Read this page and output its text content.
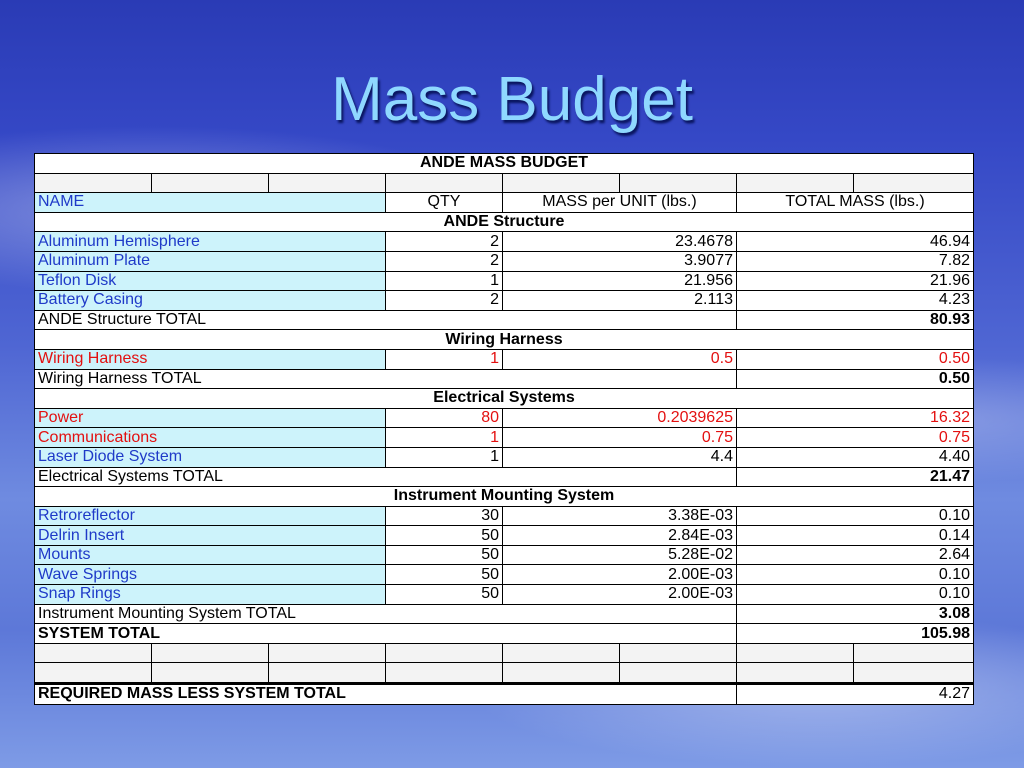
Mass Budget
ANDE MASS BUDGET							

NAME			QTY	MASS per UNIT (lbs.)		TOTAL MASS (lbs.)	
ANDE Structure							
Aluminum Hemisphere			2	23.4678		46.94	
Aluminum Plate			2	3.9077		7.82	
Teflon Disk			1	21.956		21.96	
Battery Casing			2	2.113		4.23	
ANDE Structure TOTAL						80.93	
Wiring Harness							
Wiring Harness			1	0.5		0.50	
Wiring Harness TOTAL						0.50	
Electrical Systems							
Power			80	0.2039625		16.32	
Communications			1	0.75		0.75	
Laser Diode System			1	4.4		4.40	
Electrical Systems TOTAL						21.47	
Instrument Mounting System							
Retroreflector			30	3.38E-03		0.10	
Delrin Insert			50	2.84E-03		0.14	
Mounts			50	5.28E-02		2.64	
Wave Springs			50	2.00E-03		0.10	
Snap Rings			50	2.00E-03		0.10	
Instrument Mounting System TOTAL						3.08	
SYSTEM TOTAL						105.98	

REQUIRED MASS LESS SYSTEM TOTAL						4.27	
